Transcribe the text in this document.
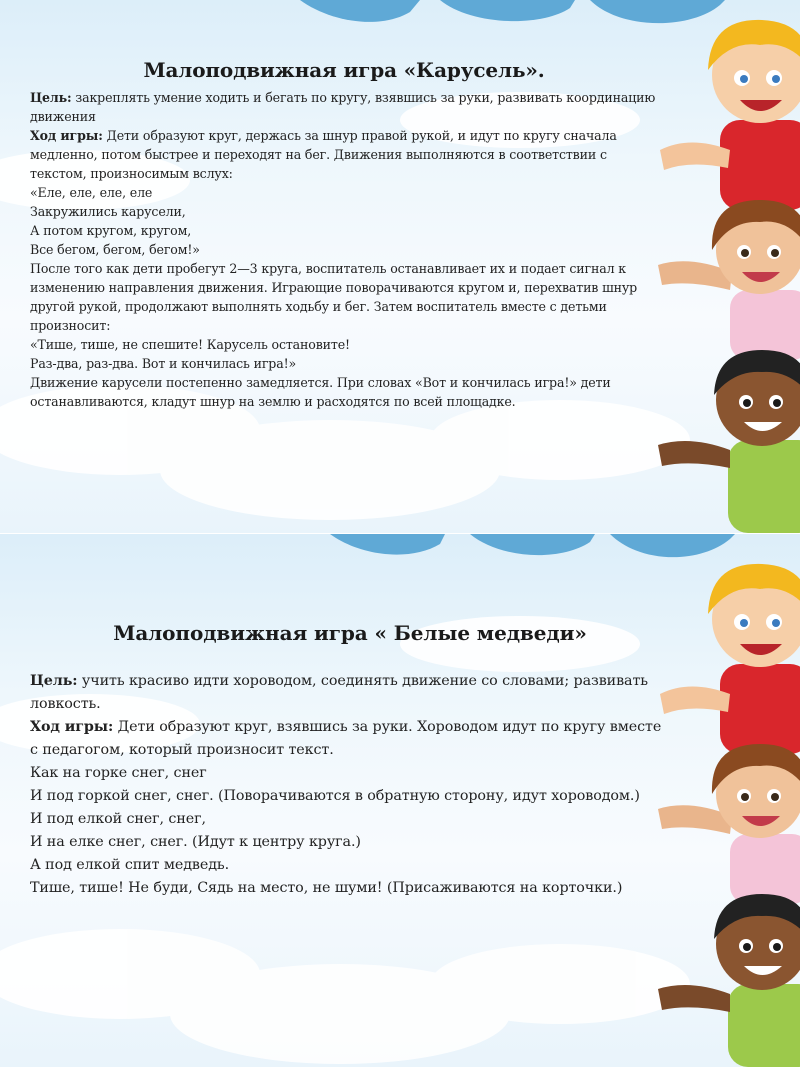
Малоподвижная игра «Карусель».

Цель: закреплять умение ходить и бегать по кругу, взявшись за руки, развивать координацию движения

Ход игры: Дети образуют круг, держась за шнур правой рукой, и идут по кругу сначала медленно, потом быстрее и переходят на бег. Движения выполняются в соответствии с текстом, произносимым вслух:

«Еле, еле, еле, еле

Закружились карусели,

А потом кругом, кругом,

Все бегом, бегом, бегом!»

После того как дети пробегут 2—3 круга, воспитатель останавливает их и подает сигнал к изменению направления движения. Играющие поворачиваются кругом и, перехватив шнур другой рукой, продолжают выполнять ходьбу и бег. Затем воспитатель вместе с детьми произносит:

«Тише, тише, не спешите! Карусель остановите!

Раз-два, раз-два. Вот и кончилась игра!»

Движение карусели постепенно замедляется. При словах «Вот и кончилась игра!» дети останавливаются, кладут шнур на землю и расходятся по всей площадке.

Малоподвижная игра « Белые медведи»

Цель: учить красиво идти хороводом, соединять движение со словами; развивать ловкость.

Ход игры: Дети образуют круг, взявшись за руки. Хороводом идут по кругу вместе с педагогом, который произносит текст.

Как на горке снег, снег

И под горкой снег, снег. (Поворачиваются в обратную сторону, идут хороводом.)

И под елкой снег, снег,

И на елке снег, снег. (Идут к центру круга.)

А под елкой спит медведь.

Тише, тише! Не буди, Сядь на место, не шуми! (Присаживаются на корточки.)
